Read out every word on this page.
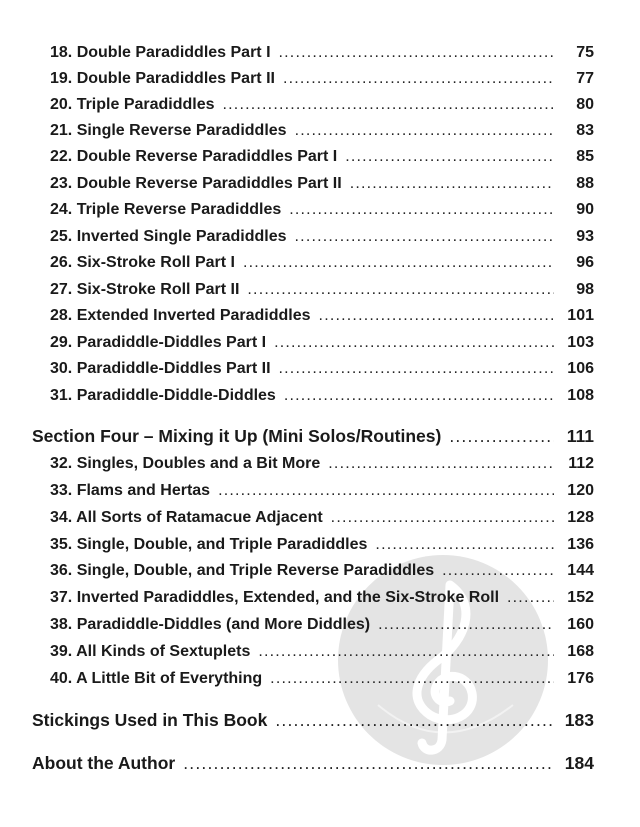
18. Double Paradiddles Part I .....	75
19. Double Paradiddles Part II .....	77
20. Triple Paradiddles .....	80
21. Single Reverse Paradiddles .....	83
22. Double Reverse Paradiddles Part I .....	85
23. Double Reverse Paradiddles Part II .....	88
24. Triple Reverse Paradiddles .....	90
25. Inverted Single Paradiddles .....	93
26. Six-Stroke Roll Part I .....	96
27. Six-Stroke Roll Part II .....	98
28. Extended Inverted Paradiddles .....	101
29. Paradiddle-Diddles Part I .....	103
30. Paradiddle-Diddles Part II .....	106
31. Paradiddle-Diddle-Diddles .....	108
Section Four – Mixing it Up (Mini Solos/Routines) .....	111
32. Singles, Doubles and a Bit More .....	112
33. Flams and Hertas .....	120
34. All Sorts of Ratamacue Adjacent .....	128
35. Single, Double, and Triple Paradiddles .....	136
36. Single, Double, and Triple Reverse Paradiddles .....	144
37. Inverted Paradiddles, Extended, and the Six-Stroke Roll .....	152
38. Paradiddle-Diddles (and More Diddles) .....	160
39. All Kinds of Sextuplets .....	168
40. A Little Bit of Everything .....	176
Stickings Used in This Book .....	183
About the Author .....	184
